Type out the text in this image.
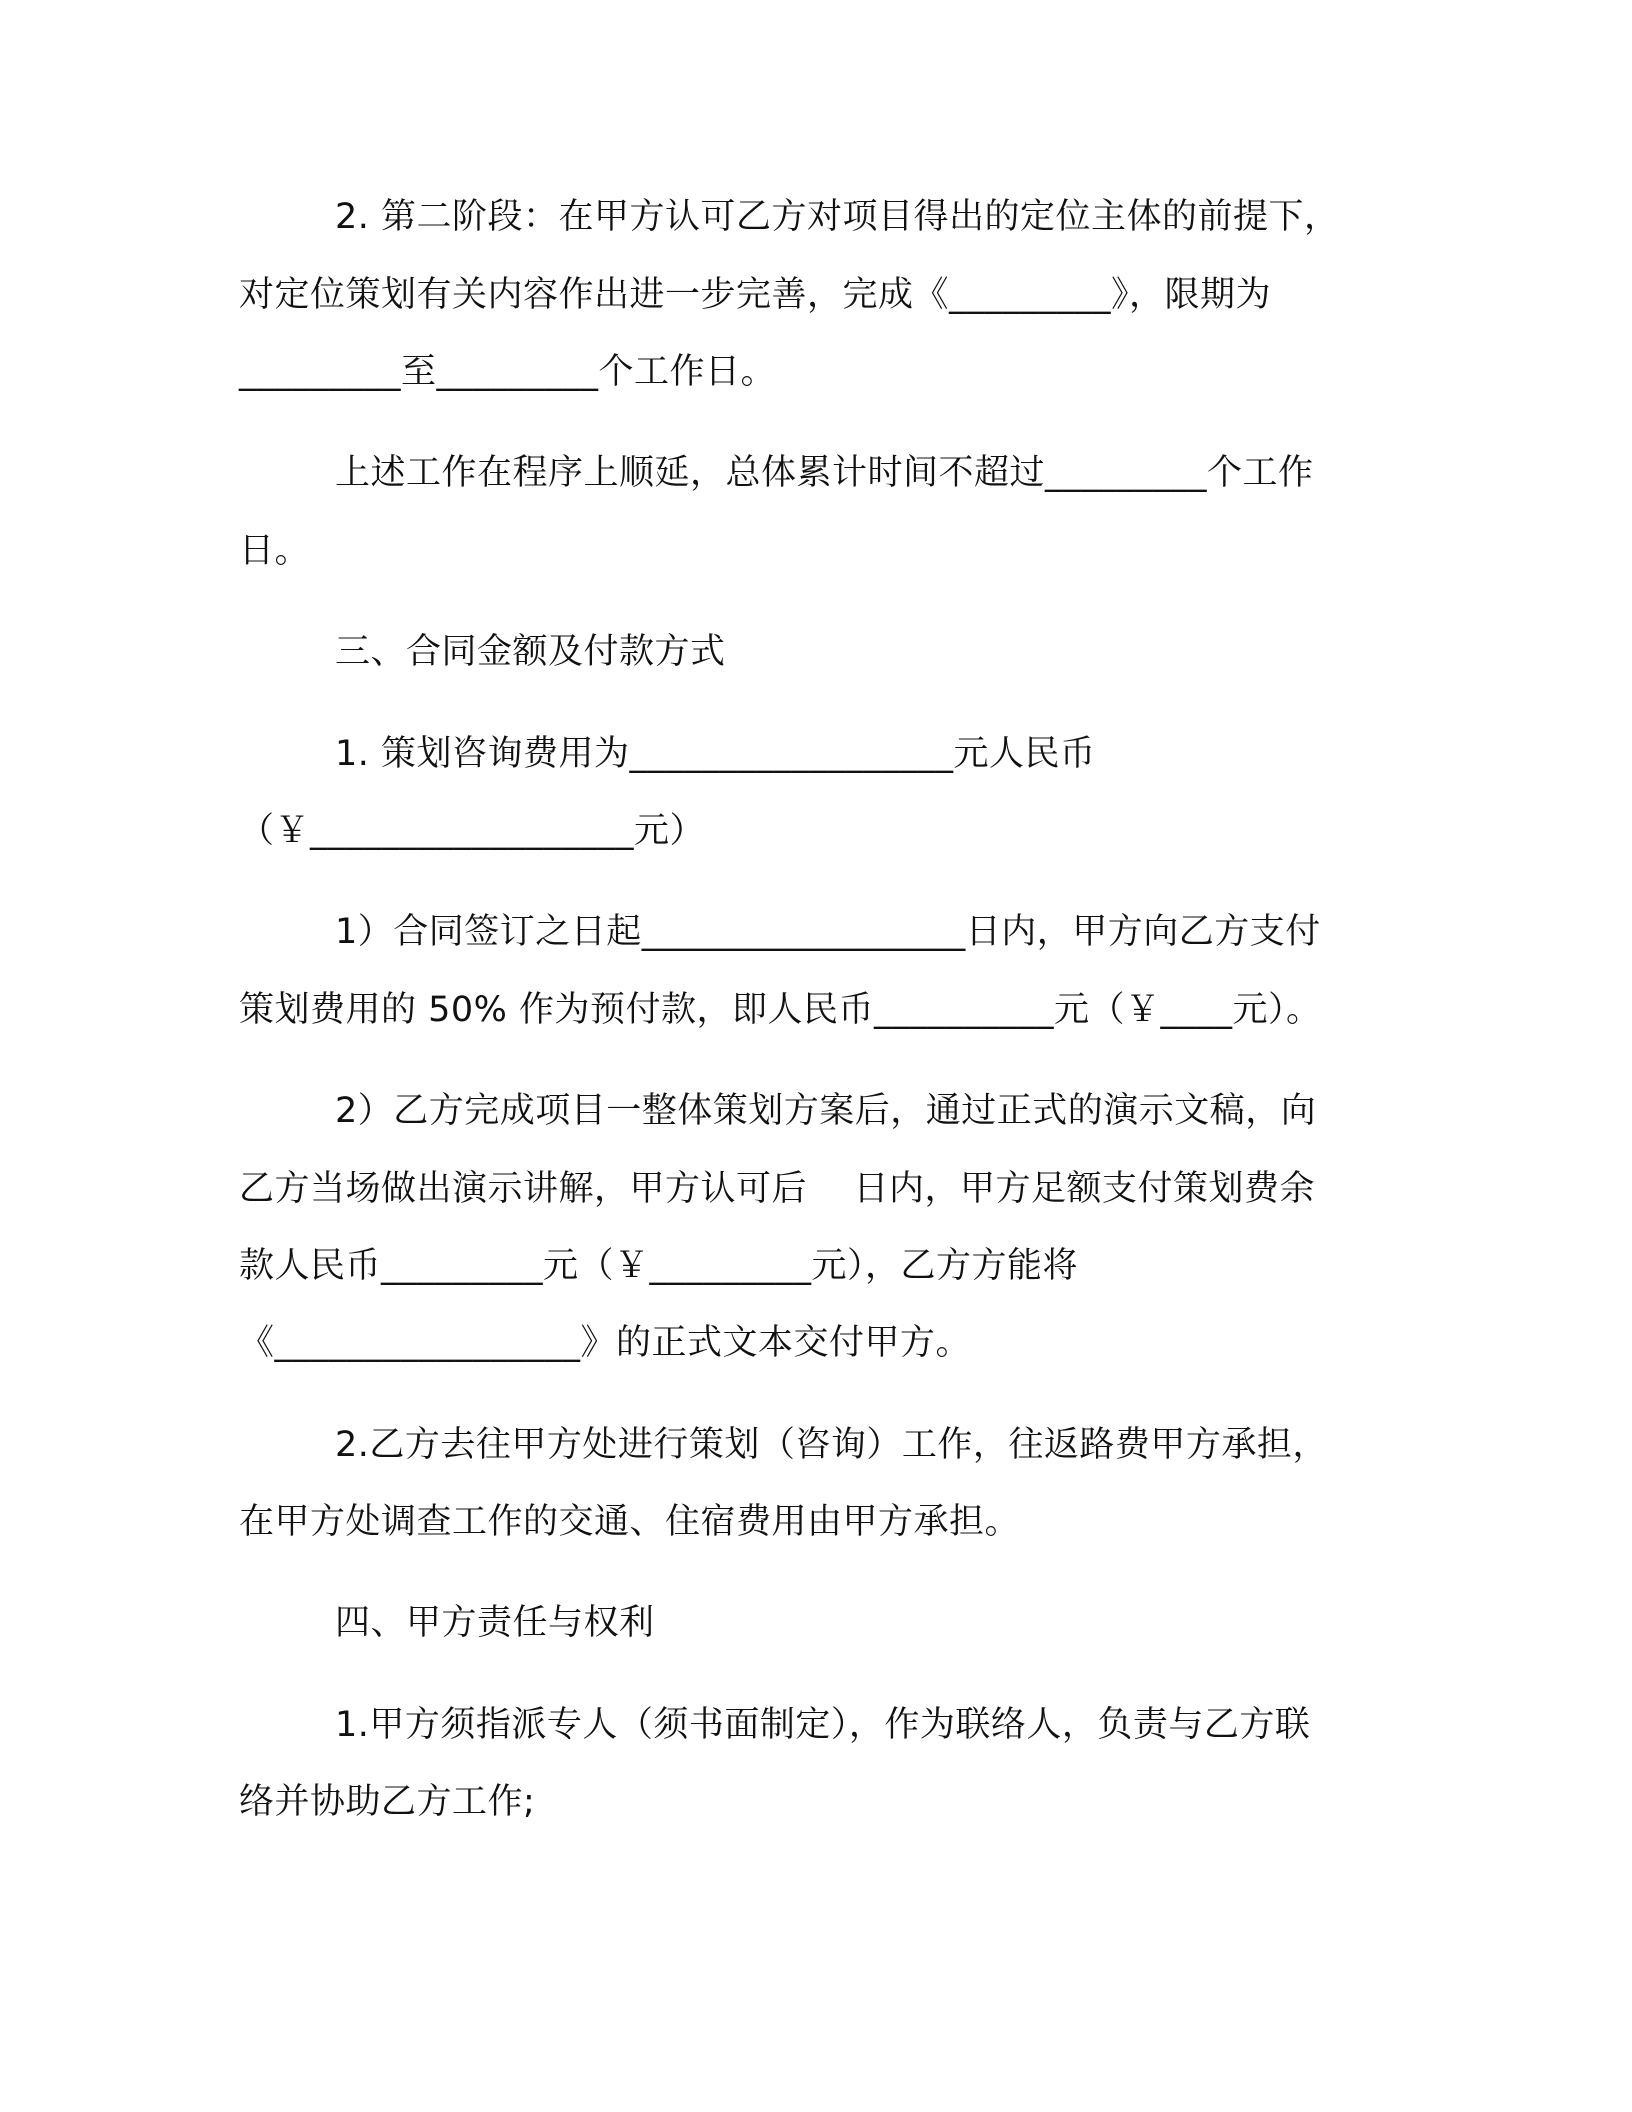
2. 第二阶段：在甲方认可乙方对项目得出的定位主体的前提下，
对定位策划有关内容作出进一步完善，完成《_________》，限期为
_________至_________个工作日。
上述工作在程序上顺延，总体累计时间不超过_________个工作
日。
三、合同金额及付款方式
1. 策划咨询费用为__________________元人民币
（￥__________________元）
1）合同签订之日起__________________日内，甲方向乙方支付
策划费用的 50% 作为预付款，即人民币__________元（￥____元）。
2）乙方完成项目一整体策划方案后，通过正式的演示文稿，向
乙方当场做出演示讲解，甲方认可后    日内，甲方足额支付策划费余
款人民币_________元（￥_________元），乙方方能将
《_________________》的正式文本交付甲方。
2.乙方去往甲方处进行策划（咨询）工作，往返路费甲方承担，
在甲方处调查工作的交通、住宿费用由甲方承担。
四、甲方责任与权利
1.甲方须指派专人（须书面制定），作为联络人，负责与乙方联
络并协助乙方工作;
